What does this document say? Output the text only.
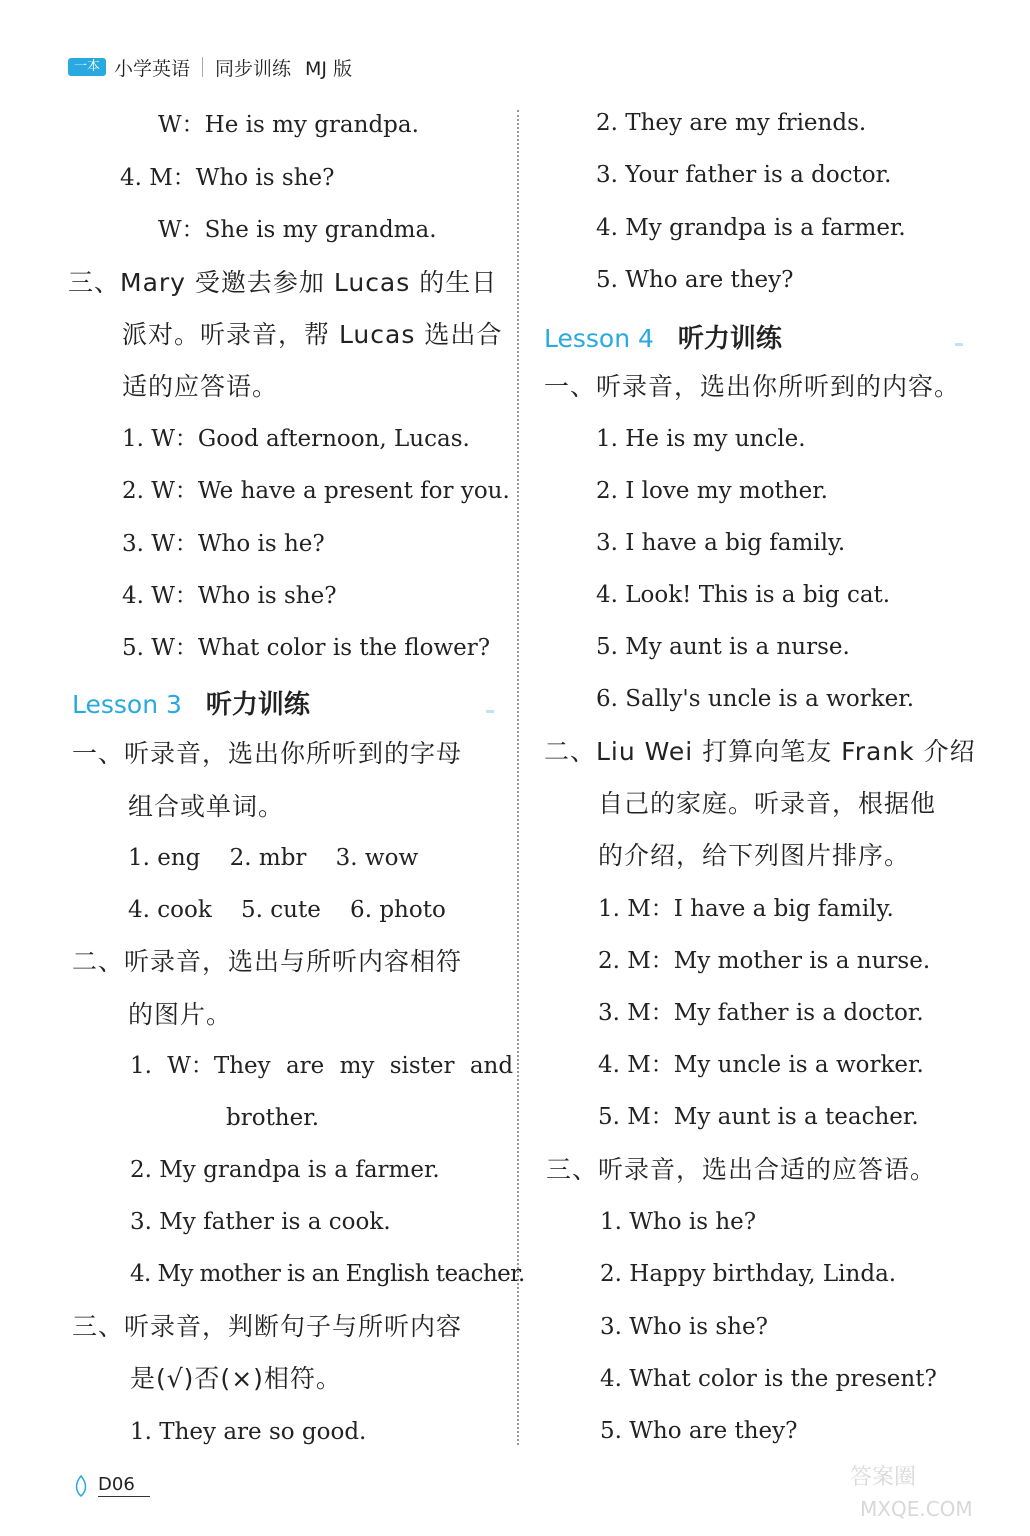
一本 小学英语 同步训练 MJ 版
W：He is my grandpa.
4. M：Who is she?
W：She is my grandma.
三、Mary 受邀去参加 Lucas 的生日
派对。听录音，帮 Lucas 选出合
适的应答语。
1. W：Good afternoon, Lucas.
2. W：We have a present for you.
3. W：Who is he?
4. W：Who is she?
5. W：What color is the flower?
Lesson 3 听力训练
一、听录音，选出你所听到的字母
组合或单词。
1. eng    2. mbr    3. wow
4. cook    5. cute    6. photo
二、听录音，选出与所听内容相符
的图片。
1. W：They are my sister and
brother.
2. My grandpa is a farmer.
3. My father is a cook.
4. My mother is an English teacher.
三、听录音，判断句子与所听内容
是(√)否(×)相符。
1. They are so good.
2. They are my friends.
3. Your father is a doctor.
4. My grandpa is a farmer.
5. Who are they?
Lesson 4 听力训练
一、听录音，选出你所听到的内容。
1. He is my uncle.
2. I love my mother.
3. I have a big family.
4. Look! This is a big cat.
5. My aunt is a nurse.
6. Sally's uncle is a worker.
二、Liu Wei 打算向笔友 Frank 介绍
自己的家庭。听录音，根据他
的介绍，给下列图片排序。
1. M：I have a big family.
2. M：My mother is a nurse.
3. M：My father is a doctor.
4. M：My uncle is a worker.
5. M：My aunt is a teacher.
三、听录音，选出合适的应答语。
1. Who is he?
2. Happy birthday, Linda.
3. Who is she?
4. What color is the present?
5. Who are they?
D06	答案圈
MXQE.COM
